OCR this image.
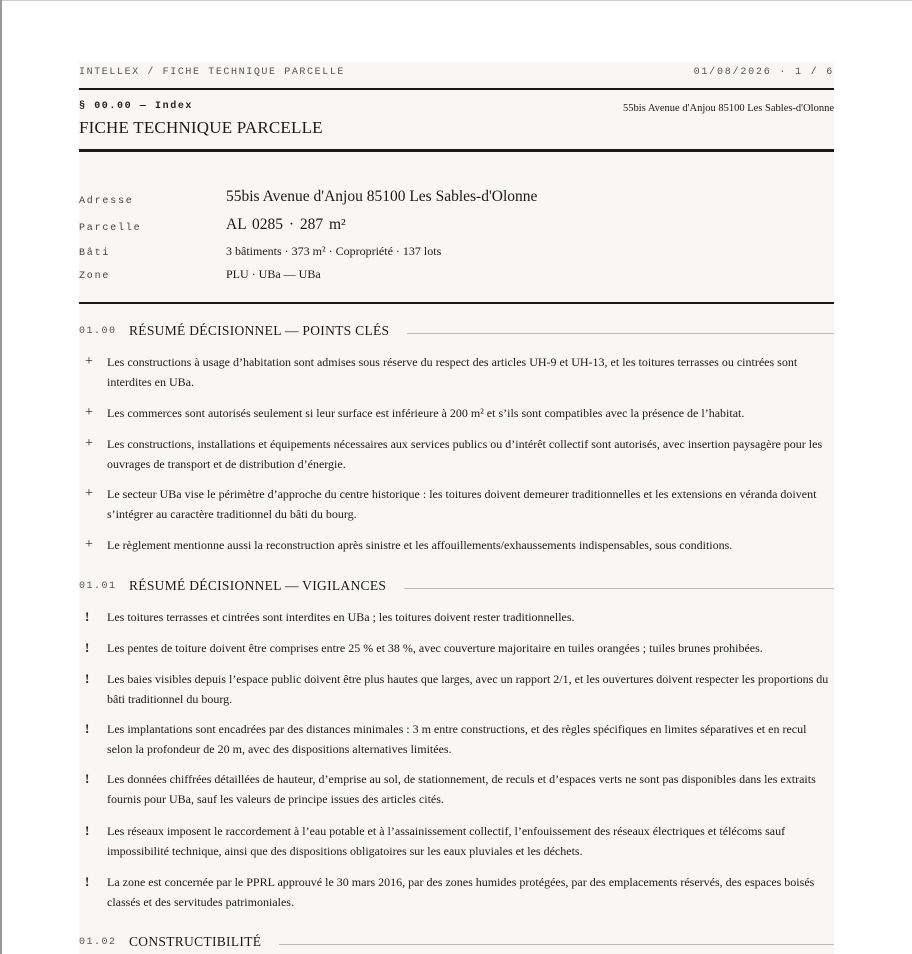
INTELLEX / FICHE TECHNIQUE PARCELLE	01/08/2026 · 1 / 6
§ 00.00 — Index
FICHE TECHNIQUE PARCELLE
55bis Avenue d'Anjou 85100 Les Sables-d'Olonne
Adresse	55bis Avenue d'Anjou 85100 Les Sables-d'Olonne
Parcelle	AL 0285 · 287 m²
Bâti	3 bâtiments · 373 m² · Copropriété · 137 lots
Zone	PLU · UBa — UBa
01.00 RÉSUMÉ DÉCISIONNEL — POINTS CLÉS
+ Les constructions à usage d’habitation sont admises sous réserve du respect des articles UH-9 et UH-13, et les toitures terrasses ou cintrées sont interdites en UBa.
+ Les commerces sont autorisés seulement si leur surface est inférieure à 200 m² et s’ils sont compatibles avec la présence de l’habitat.
+ Les constructions, installations et équipements nécessaires aux services publics ou d’intérêt collectif sont autorisés, avec insertion paysagère pour les ouvrages de transport et de distribution d’énergie.
+ Le secteur UBa vise le périmètre d’approche du centre historique : les toitures doivent demeurer traditionnelles et les extensions en véranda doivent s’intégrer au caractère traditionnel du bâti du bourg.
+ Le règlement mentionne aussi la reconstruction après sinistre et les affouillements/exhaussements indispensables, sous conditions.
01.01 RÉSUMÉ DÉCISIONNEL — VIGILANCES
!	Les toitures terrasses et cintrées sont interdites en UBa ; les toitures doivent rester traditionnelles.
!	Les pentes de toiture doivent être comprises entre 25 % et 38 %, avec couverture majoritaire en tuiles orangées ; tuiles brunes prohibées.
!	Les baies visibles depuis l’espace public doivent être plus hautes que larges, avec un rapport 2/1, et les ouvertures doivent respecter les proportions du bâti traditionnel du bourg.
!	Les implantations sont encadrées par des distances minimales : 3 m entre constructions, et des règles spécifiques en limites séparatives et en recul selon la profondeur de 20 m, avec des dispositions alternatives limitées.
!	Les données chiffrées détaillées de hauteur, d’emprise au sol, de stationnement, de reculs et d’espaces verts ne sont pas disponibles dans les extraits fournis pour UBa, sauf les valeurs de principe issues des articles cités.
!	Les réseaux imposent le raccordement à l’eau potable et à l’assainissement collectif, l’enfouissement des réseaux électriques et télécoms sauf impossibilité technique, ainsi que des dispositions obligatoires sur les eaux pluviales et les déchets.
!	La zone est concernée par le PPRL approuvé le 30 mars 2016, par des zones humides protégées, par des emplacements réservés, des espaces boisés classés et des servitudes patrimoniales.
01.02 CONSTRUCTIBILITÉ
